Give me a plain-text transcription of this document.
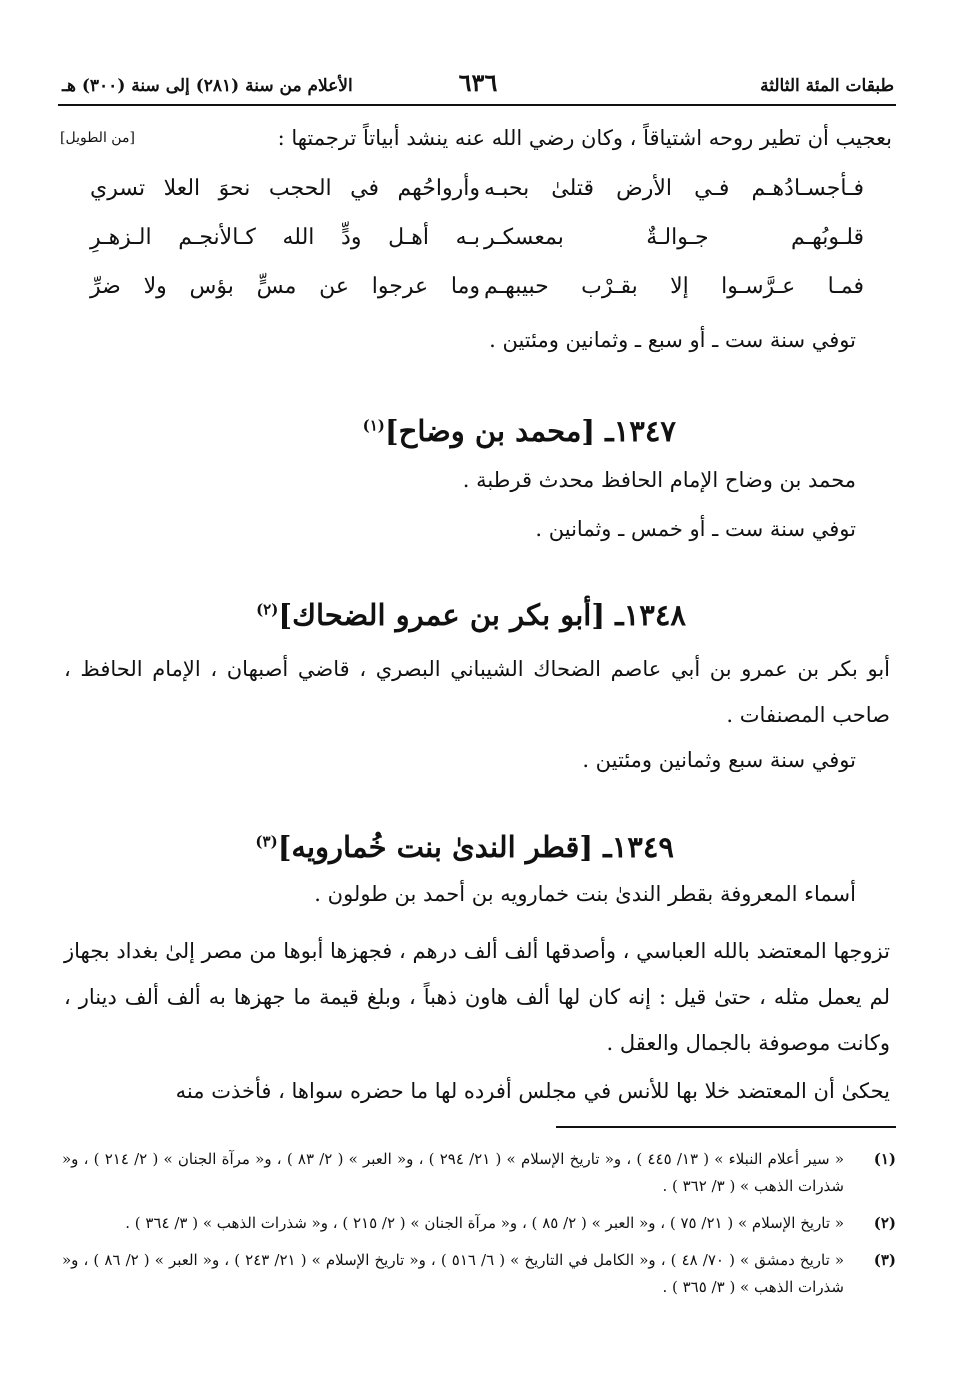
طبقات المئة الثالثة
٦٣٦
الأعلام من سنة (٢٨١) إلى سنة (٣٠٠) هـ
بعجيب أن تطير روحه اشتياقاً ، وكان رضي الله عنه ينشد أبياتاً ترجمتها :
[من الطويل]
فـأجسـادُهـم فـي الأرض قتلىٰ بحبـه
وأرواحُهم في الحجب نحوَ العلا تسري
قلـوبُهـم جـوالـةٌ بمعسكـر
بـه أهـل ودٍّ الله كـالأنجـم الـزهـرِ
فمـا عـرَّسـوا إلا بقـرْب حبيبهـم
وما عرجوا عن مسٍّ بؤس ولا ضرِّ
توفي سنة ست ـ أو سبع ـ وثمانين ومئتين .
١٣٤٧ـ [محمد بن وضاح]$^{(١)}$
محمد بن وضاح الإمام الحافظ محدث قرطبة .
توفي سنة ست ـ أو خمس ـ وثمانين .
١٣٤٨ـ [أبو بكر بن عمرو الضحاك]$^{(٢)}$
أبو بكر بن عمرو بن أبي عاصم الضحاك الشيباني البصري ، قاضي أصبهان ، الإمام الحافظ ، صاحب المصنفات .
توفي سنة سبع وثمانين ومئتين .
١٣٤٩ـ [قطر الندىٰ بنت خُمارويه]$^{(٣)}$
أسماء المعروفة بقطر الندىٰ بنت خمارويه بن أحمد بن طولون .
تزوجها المعتضد بالله العباسي ، وأصدقها ألف ألف درهم ، فجهزها أبوها من مصر إلىٰ بغداد بجهاز لم يعمل مثله ، حتىٰ قيل : إنه كان لها ألف هاون ذهباً ، وبلغ قيمة ما جهزها به ألف ألف دينار ، وكانت موصوفة بالجمال والعقل .
يحكىٰ أن المعتضد خلا بها للأنس في مجلس أفرده لها ما حضره سواها ، فأخذت منه
(١)
« سير أعلام النبلاء » ( ١٣/ ٤٤٥ ) ، و« تاريخ الإسلام » ( ٢١/ ٢٩٤ ) ، و« العبر » ( ٢/ ٨٣ ) ، و« مرآة الجنان » ( ٢/ ٢١٤ ) ، و« شذرات الذهب » ( ٣/ ٣٦٢ ) .
(٢)
« تاريخ الإسلام » ( ٢١/ ٧٥ ) ، و« العبر » ( ٢/ ٨٥ ) ، و« مرآة الجنان » ( ٢/ ٢١٥ ) ، و« شذرات الذهب » ( ٣/ ٣٦٤ ) .
(٣)
« تاريخ دمشق » ( ٧٠/ ٤٨ ) ، و« الكامل في التاريخ » ( ٦/ ٥١٦ ) ، و« تاريخ الإسلام » ( ٢١/ ٢٤٣ ) ، و« العبر » ( ٢/ ٨٦ ) ، و« شذرات الذهب » ( ٣/ ٣٦٥ ) .
